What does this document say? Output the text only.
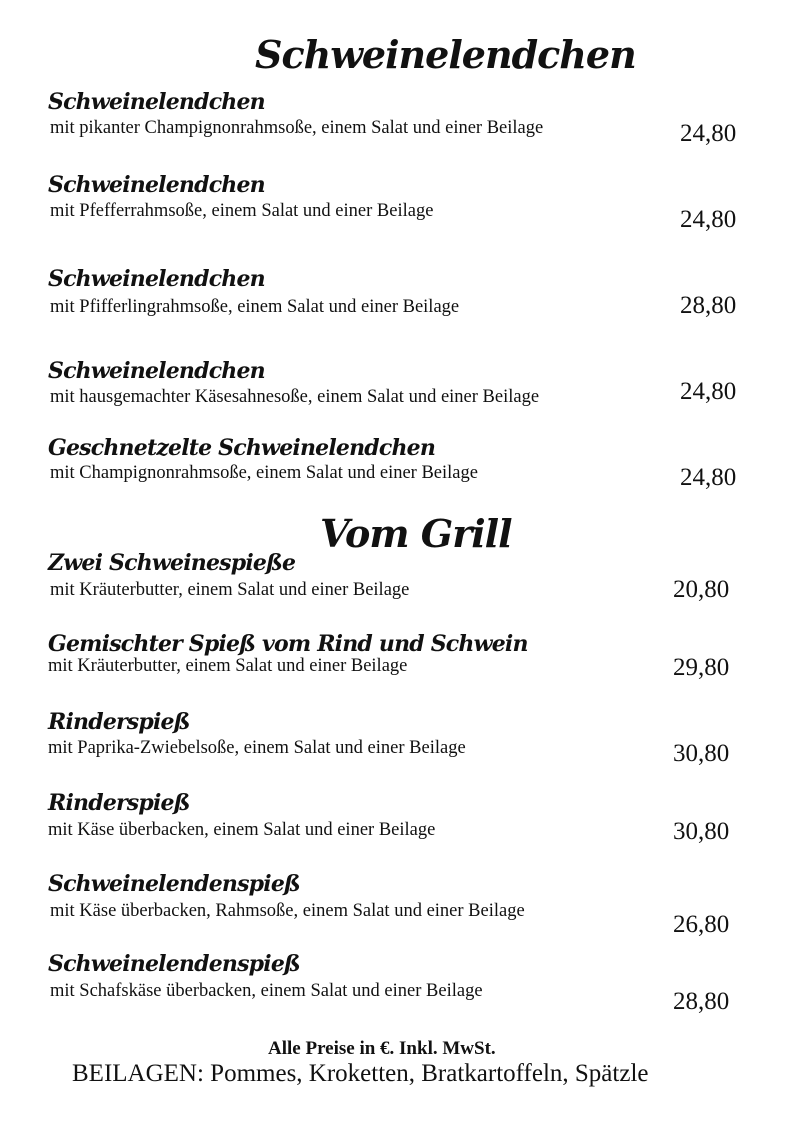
Schweinelendchen
Schweinelendchen
mit pikanter Champignonrahmsoße, einem Salat und einer Beilage	24,80
Schweinelendchen
mit Pfefferrahmsoße, einem Salat und einer Beilage	24,80
Schweinelendchen
mit Pfifferlingrahmsoße, einem Salat und einer Beilage	28,80
Schweinelendchen
mit hausgemachter Käsesahnesoße, einem Salat und einer Beilage	24,80
Geschnetzelte Schweinelendchen
mit Champignonrahmsoße, einem Salat und einer Beilage	24,80
Vom Grill
Zwei Schweinespieße
mit Kräuterbutter, einem Salat und einer Beilage	20,80
Gemischter Spieß vom Rind und Schwein
mit Kräuterbutter, einem Salat und einer Beilage	29,80
Rinderspieß
mit Paprika-Zwiebelsoße, einem Salat und einer Beilage	30,80
Rinderspieß
mit Käse überbacken, einem Salat und einer Beilage	30,80
Schweinelendenspieß
mit Käse überbacken, Rahmsoße, einem Salat und einer Beilage	26,80
Schweinelendenspieß
mit Schafskäse überbacken, einem Salat und einer Beilage	28,80
Alle Preise in €. Inkl. MwSt.
BEILAGEN: Pommes, Kroketten, Bratkartoffeln, Spätzle
